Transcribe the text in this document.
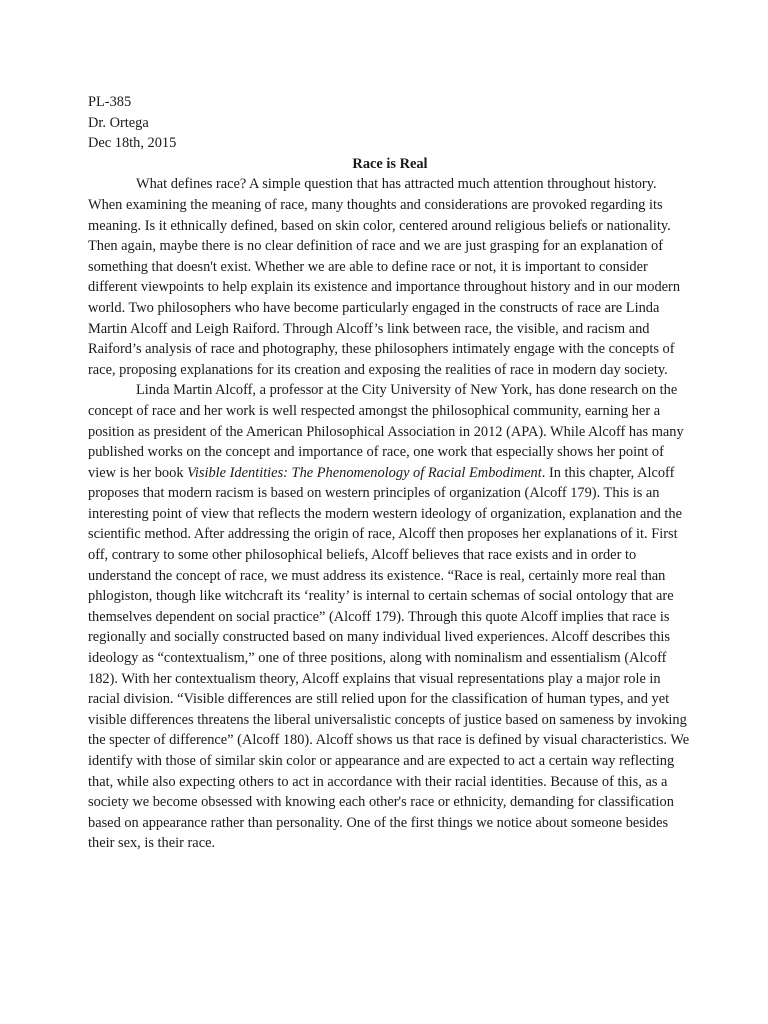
PL-385
Dr. Ortega
Dec 18th, 2015
Race is Real

What defines race? A simple question that has attracted much attention throughout history. When examining the meaning of race, many thoughts and considerations are provoked regarding its meaning. Is it ethnically defined, based on skin color, centered around religious beliefs or nationality. Then again, maybe there is no clear definition of race and we are just grasping for an explanation of something that doesn't exist. Whether we are able to define race or not, it is important to consider different viewpoints to help explain its existence and importance throughout history and in our modern world. Two philosophers who have become particularly engaged in the constructs of race are Linda Martin Alcoff and Leigh Raiford. Through Alcoff’s link between race, the visible, and racism and Raiford’s analysis of race and photography, these philosophers intimately engage with the concepts of race, proposing explanations for its creation and exposing the realities of race in modern day society.

Linda Martin Alcoff, a professor at the City University of New York, has done research on the concept of race and her work is well respected amongst the philosophical community, earning her a position as president of the American Philosophical Association in 2012 (APA). While Alcoff has many published works on the concept and importance of race, one work that especially shows her point of view is her book Visible Identities: The Phenomenology of Racial Embodiment. In this chapter, Alcoff proposes that modern racism is based on western principles of organization (Alcoff 179). This is an interesting point of view that reflects the modern western ideology of organization, explanation and the scientific method. After addressing the origin of race, Alcoff then proposes her explanations of it. First off, contrary to some other philosophical beliefs, Alcoff believes that race exists and in order to understand the concept of race, we must address its existence. “Race is real, certainly more real than phlogiston, though like witchcraft its ‘reality’ is internal to certain schemas of social ontology that are themselves dependent on social practice” (Alcoff 179). Through this quote Alcoff implies that race is regionally and socially constructed based on many individual lived experiences. Alcoff describes this ideology as “contextualism,” one of three positions, along with nominalism and essentialism (Alcoff 182). With her contextualism theory, Alcoff explains that visual representations play a major role in racial division. “Visible differences are still relied upon for the classification of human types, and yet visible differences threatens the liberal universalistic concepts of justice based on sameness by invoking the specter of difference” (Alcoff 180). Alcoff shows us that race is defined by visual characteristics. We identify with those of similar skin color or appearance and are expected to act a certain way reflecting that, while also expecting others to act in accordance with their racial identities. Because of this, as a society we become obsessed with knowing each other's race or ethnicity, demanding for classification based on appearance rather than personality. One of the first things we notice about someone besides their sex, is their race.
